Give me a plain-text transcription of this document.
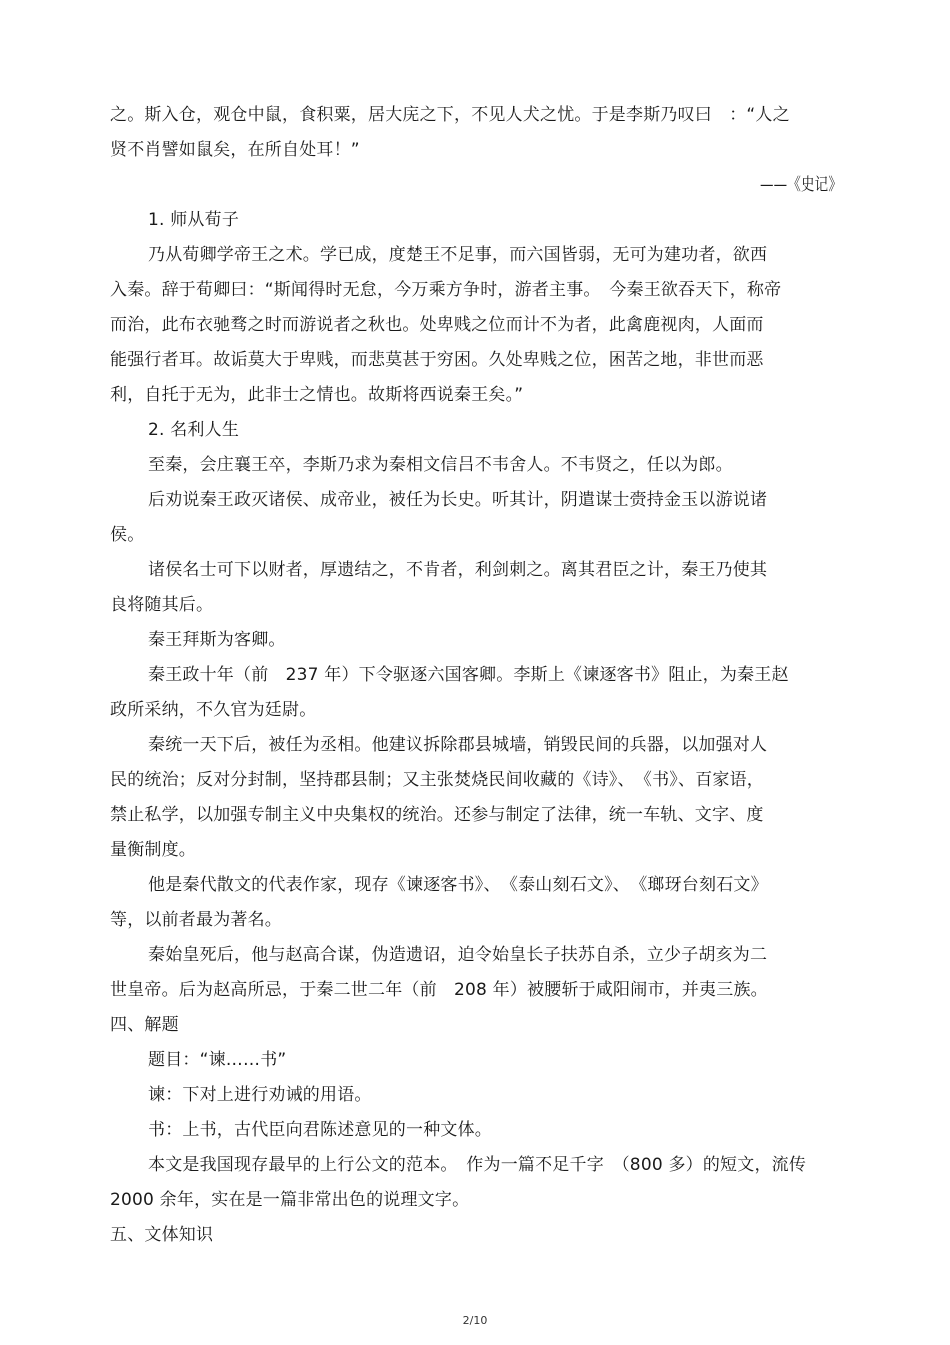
之。斯入仓，观仓中鼠，食积粟，居大庑之下，不见人犬之忧。于是李斯乃叹曰　：“人之
贤不肖譬如鼠矣，在所自处耳！”
——《史记》
1. 师从荀子
乃从荀卿学帝王之术。学已成，度楚王不足事，而六国皆弱，无可为建功者，欲西
入秦。辞于荀卿曰：“斯闻得时无怠，今万乘方争时，游者主事。　今秦王欲吞天下，称帝
而治，此布衣驰骛之时而游说者之秋也。处卑贱之位而计不为者，此禽鹿视肉，人面而
能强行者耳。故诟莫大于卑贱，而悲莫甚于穷困。久处卑贱之位，困苦之地，非世而恶
利，自托于无为，此非士之情也。故斯将西说秦王矣。”
2. 名利人生
至秦，会庄襄王卒，李斯乃求为秦相文信吕不韦舍人。不韦贤之，任以为郎。
后劝说秦王政灭诸侯、成帝业，被任为长史。听其计，阴遣谋士赍持金玉以游说诸
侯。
诸侯名士可下以财者，厚遗结之，不肯者，利剑刺之。离其君臣之计，秦王乃使其
良将随其后。
秦王拜斯为客卿。
秦王政十年（前　237 年）下令驱逐六国客卿。李斯上《谏逐客书》阻止，为秦王赵
政所采纳，不久官为廷尉。
秦统一天下后，被任为丞相。他建议拆除郡县城墙，销毁民间的兵器，以加强对人
民的统治；反对分封制，坚持郡县制；又主张焚烧民间收藏的《诗》、　《书》、百家语，
禁止私学，以加强专制主义中央集权的统治。还参与制定了法律，统一车轨、文字、度
量衡制度。
他是秦代散文的代表作家，现存《谏逐客书》、　《泰山刻石文》、　《瑯玡台刻石文》
等，以前者最为著名。
秦始皇死后，他与赵高合谋，伪造遗诏，迫令始皇长子扶苏自杀，立少子胡亥为二
世皇帝。后为赵高所忌，于秦二世二年（前　208 年）被腰斩于咸阳闹市，并夷三族。
四、解题
题目：“谏……书”
谏：下对上进行劝诫的用语。
书：上书，古代臣向君陈述意见的一种文体。
本文是我国现存最早的上行公文的范本。　作为一篇不足千字　（800 多）的短文，流传
2000 余年，实在是一篇非常出色的说理文字。
五、文体知识
2/10
